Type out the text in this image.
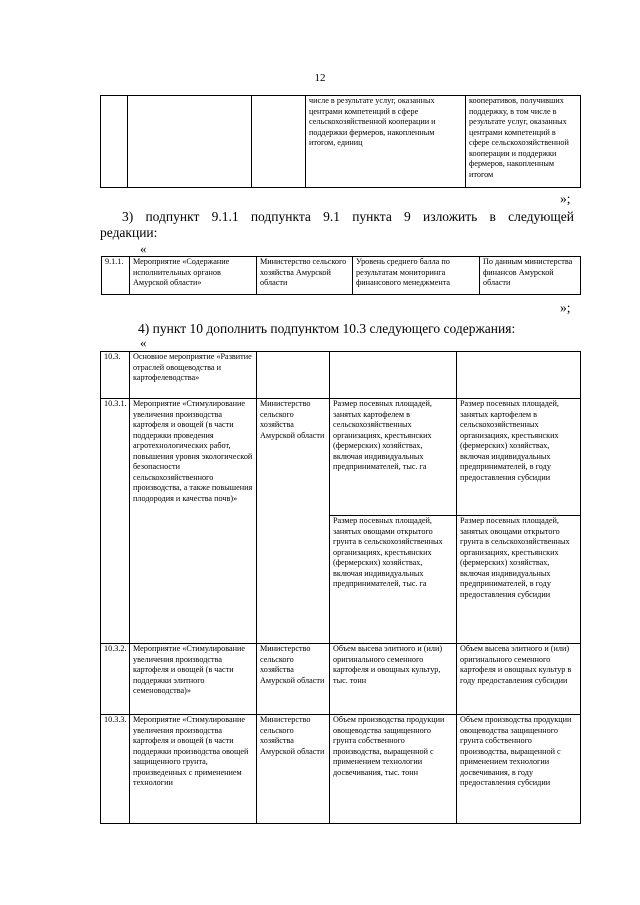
12
			числе в результате услуг, оказанных центрами компетенций в сфере сельскохозяйственной кооперации и поддержки фермеров, накопленным итогом, единиц	кооперативов, получивших поддержку, в том числе в результате услуг, оказанных центрами компетенций в сфере сельскохозяйственной кооперации и поддержки фермеров, накопленным итогом
»;
3) подпункт 9.1.1 подпункта 9.1 пункта 9 изложить в следующей
редакции:
«
9.1.1.	Мероприятие «Содержание исполнительных органов Амурской области»	Министерство сельского хозяйства Амурской области	Уровень среднего балла по результатам мониторинга финансового менеджмента	По данным министерства финансов Амурской области
»;
4) пункт 10 дополнить подпунктом 10.3 следующего содержания:
«
10.3.	Основное мероприятие «Развитие отраслей овощеводства и картофелеводства»			
10.3.1.	Мероприятие «Стимулирование увеличения производства картофеля и овощей (в части поддержки проведения агротехнологических работ, повышения уровня экологической безопасности сельскохозяйственного производства, а также повышения плодородия и качества почв)»	Министерство сельского хозяйства Амурской области	Размер посевных площадей, занятых картофелем в сельскохозяйственных организациях, крестьянских (фермерских) хозяйствах, включая индивидуальных предпринимателей, тыс. га	Размер посевных площадей, занятых картофелем в сельскохозяйственных организациях, крестьянских (фермерских) хозяйствах, включая индивидуальных предпринимателей, в году предоставления субсидии
			Размер посевных площадей, занятых овощами открытого грунта в сельскохозяйственных организациях, крестьянских (фермерских) хозяйствах, включая индивидуальных предпринимателей, тыс. га	Размер посевных площадей, занятых овощами открытого грунта в сельскохозяйственных организациях, крестьянских (фермерских) хозяйствах, включая индивидуальных предпринимателей, в году предоставления субсидии
10.3.2.	Мероприятие «Стимулирование увеличения производства картофеля и овощей (в части поддержки элитного семеноводства)»	Министерство сельского хозяйства Амурской области	Объем высева элитного и (или) оригинального семенного картофеля и овощных культур, тыс. тонн	Объем высева элитного и (или) оригинального семенного картофеля и овощных культур в году предоставления субсидии
10.3.3.	Мероприятие «Стимулирование увеличения производства картофеля и овощей (в части поддержки производства овощей защищенного грунта, произведенных с применением технологии	Министерство сельского хозяйства Амурской области	Объем производства продукции овощеводства защищенного грунта собственного производства, выращенной с применением технологии досвечивания, тыс. тонн	Объем производства продукции овощеводства защищенного грунта собственного производства, выращенной с применением технологии досвечивания, в году предоставления субсидии
